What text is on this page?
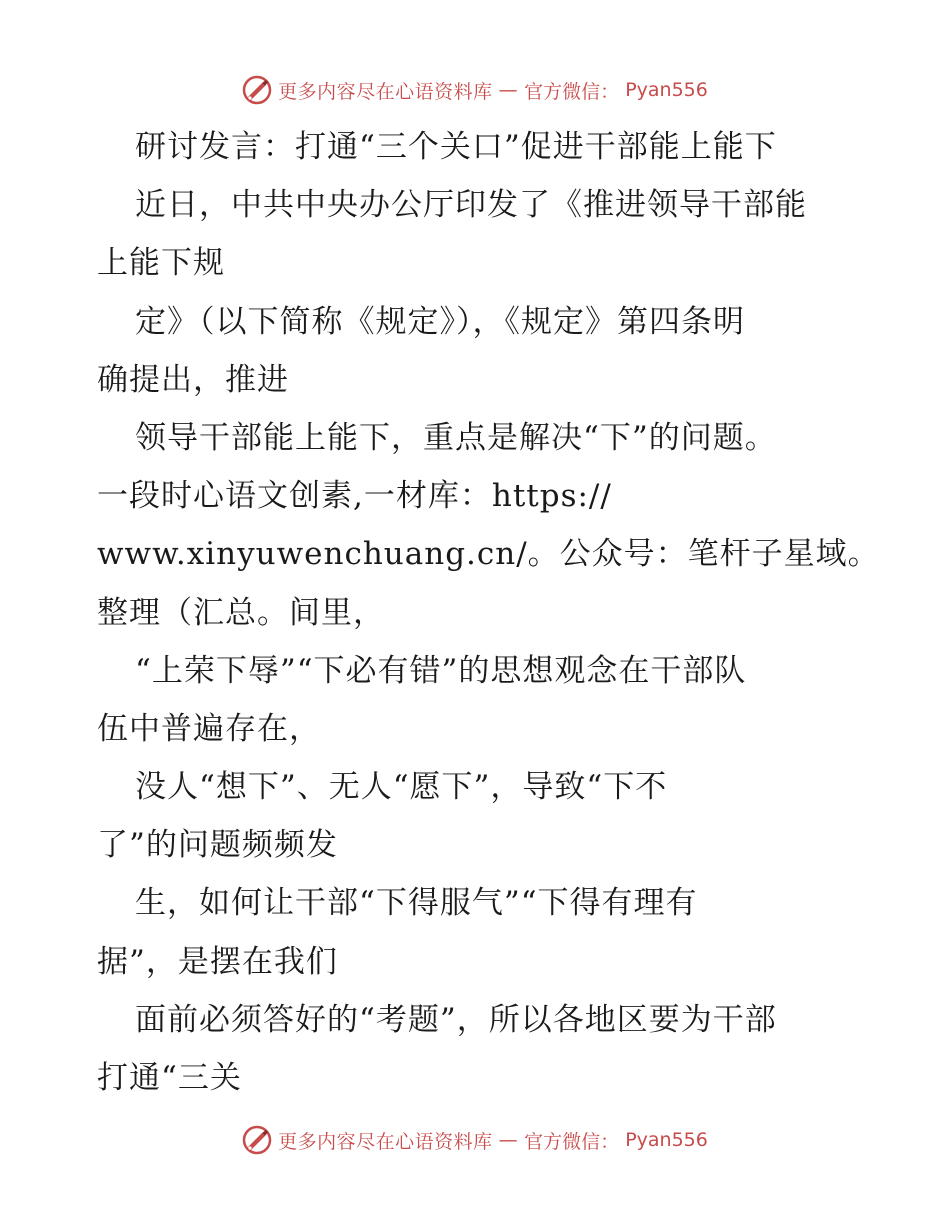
更多内容尽在心语资料库 — 官方微信： Pyan556
研讨发言：打通“三个关口”促进干部能上能下
近日，中共中央办公厅印发了《推进领导干部能
上能下规
定》（以下简称《规定》），《规定》第四条明
确提出，推进
领导干部能上能下，重点是解决“下”的问题。
一段时心语文创素,一材库：https://
www.xinyuwenchuang.cn/。公众号：笔杆子星域。
整理（汇总。间里，
“上荣下辱”“下必有错”的思想观念在干部队
伍中普遍存在，
没人“想下”、无人“愿下”，导致“下不
了”的问题频频发
生，如何让干部“下得服气”“下得有理有
据”，是摆在我们
面前必须答好的“考题”，所以各地区要为干部
打通“三关
更多内容尽在心语资料库 — 官方微信： Pyan556
